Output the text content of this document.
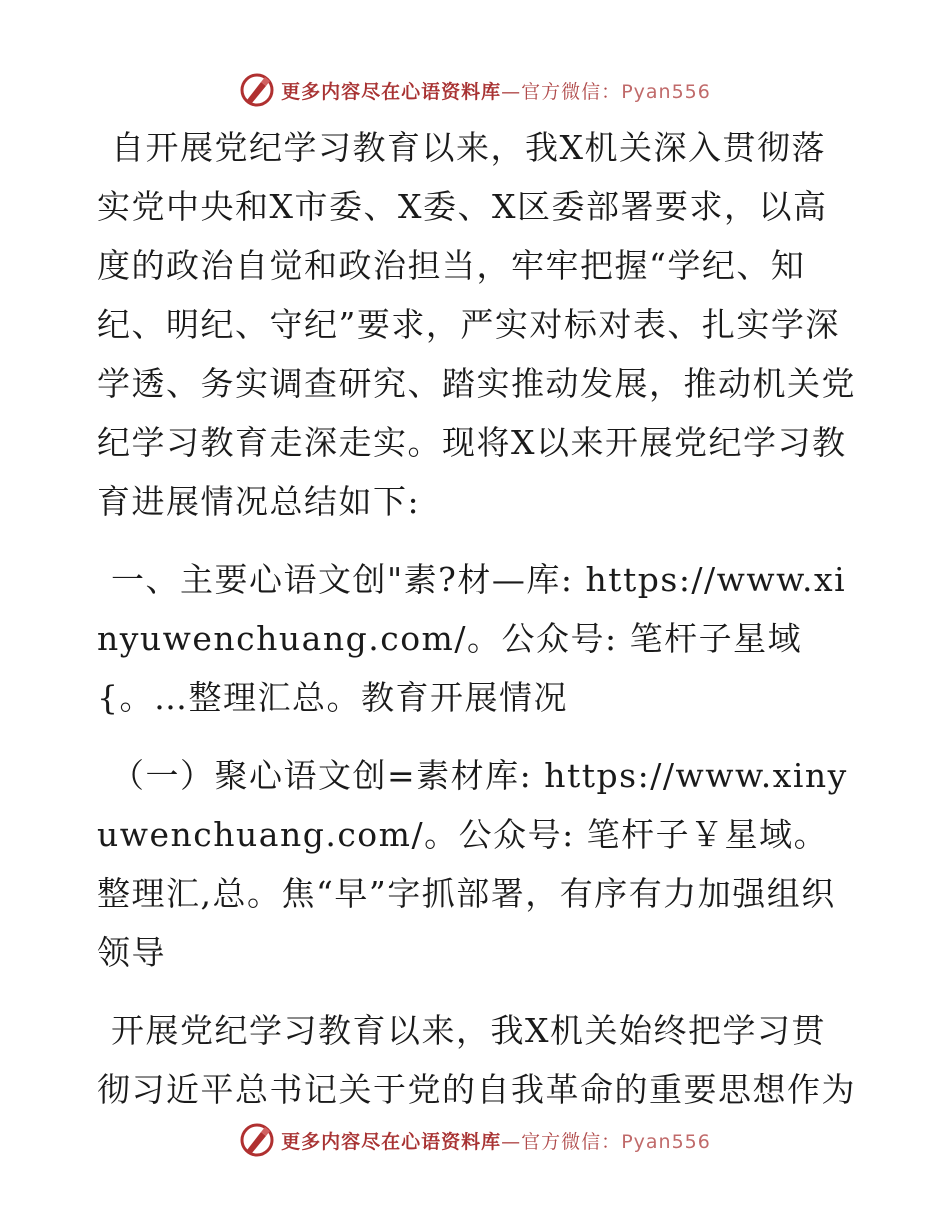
更多内容尽在心语资料库—官方微信：Pyan556

自开展党纪学习教育以来，我X机关深入贯彻落实党中央和X市委、X委、X区委部署要求，以高度的政治自觉和政治担当，牢牢把握“学纪、知纪、明纪、守纪”要求，严实对标对表、扎实学深学透、务实调查研究、踏实推动发展，推动机关党纪学习教育走深走实。现将X以来开展党纪学习教育进展情况总结如下:

一、主要心语文创"素?材—库: https://www.xinyuwenchuang.com/。公众号: 笔杆子星域{。…整理汇总。教育开展情况

（一）聚心语文创=素材库: https://www.xinyuwenchuang.com/。公众号: 笔杆子￥星域。整理汇,总。焦“早”字抓部署，有序有力加强组织领导

开展党纪学习教育以来，我X机关始终把学习贯彻习近平总书记关于党的自我革命的重要思想作为

更多内容尽在心语资料库—官方微信：Pyan556
